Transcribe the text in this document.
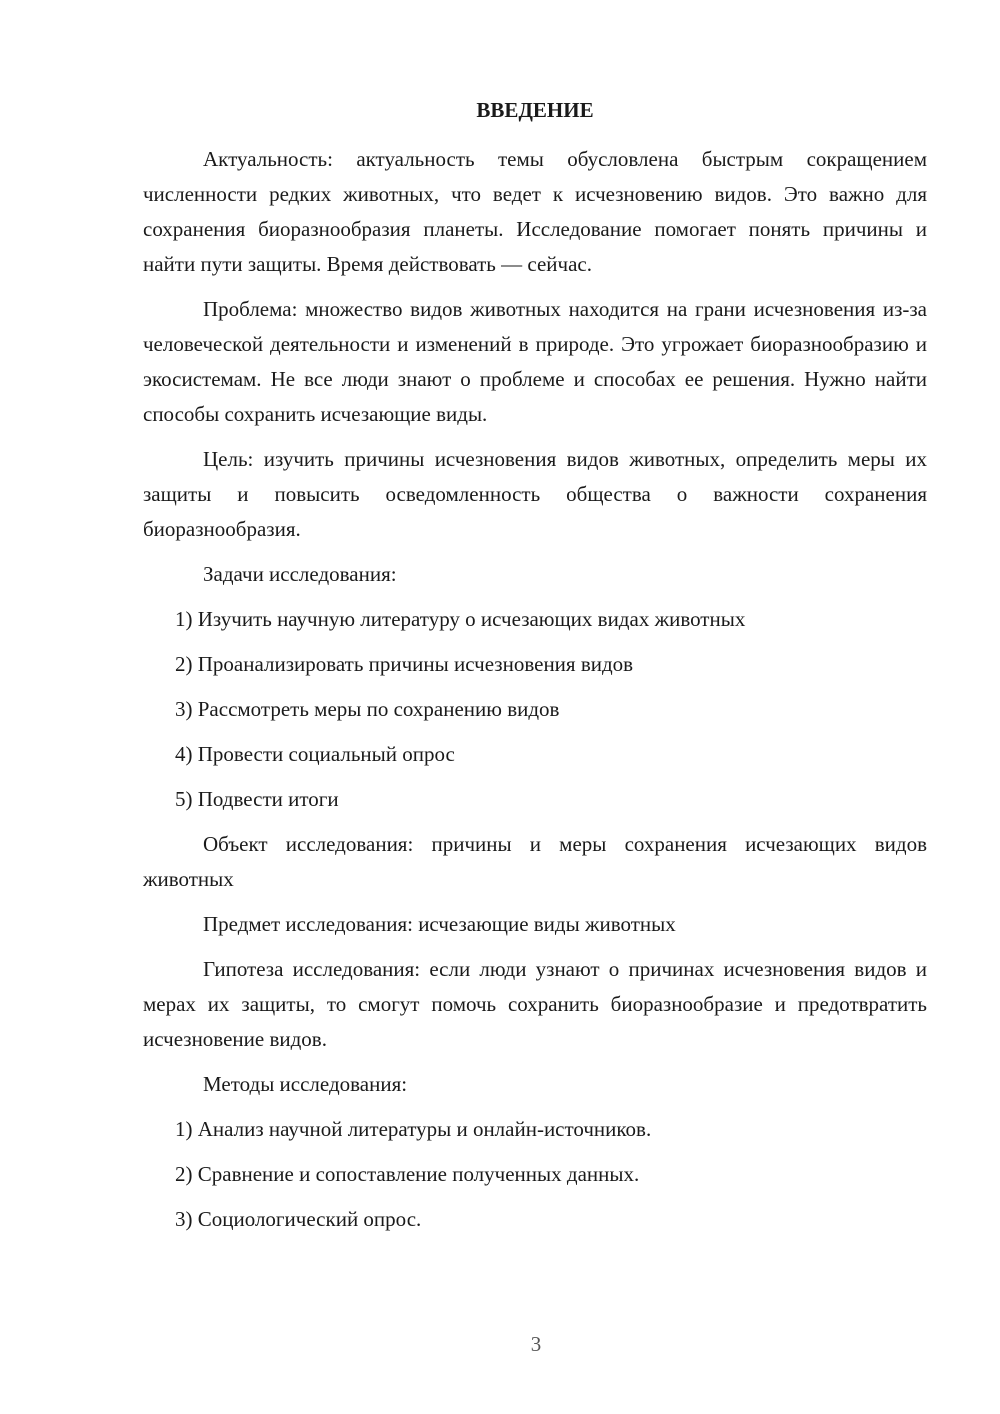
ВВЕДЕНИЕ

Актуальность: актуальность темы обусловлена быстрым сокращением численности редких животных, что ведет к исчезновению видов. Это важно для сохранения биоразнообразия планеты. Исследование помогает понять причины и найти пути защиты. Время действовать — сейчас.

Проблема: множество видов животных находится на грани исчезновения из-за человеческой деятельности и изменений в природе. Это угрожает биоразнообразию и экосистемам. Не все люди знают о проблеме и способах ее решения. Нужно найти способы сохранить исчезающие виды.

Цель: изучить причины исчезновения видов животных, определить меры их защиты и повысить осведомленность общества о важности сохранения биоразнообразия.

Задачи исследования:

1) Изучить научную литературу о исчезающих видах животных

2) Проанализировать причины исчезновения видов

3) Рассмотреть меры по сохранению видов

4) Провести социальный опрос

5) Подвести итоги

Объект исследования: причины и меры сохранения исчезающих видов животных

Предмет исследования: исчезающие виды животных

Гипотеза исследования: если люди узнают о причинах исчезновения видов и мерах их защиты, то смогут помочь сохранить биоразнообразие и предотвратить исчезновение видов.

Методы исследования:

1) Анализ научной литературы и онлайн-источников.

2) Сравнение и сопоставление полученных данных.

3) Социологический опрос.

3
